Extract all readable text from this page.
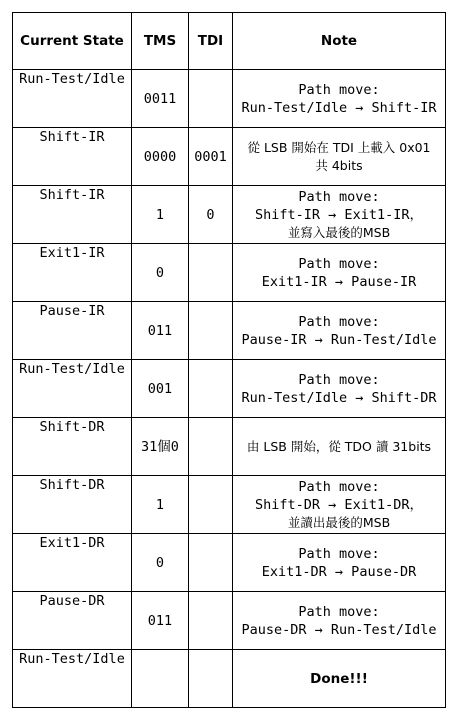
Current State	TMS	TDI	Note
Run-Test/Idle	0011		Path move:
Run-Test/Idle → Shift-IR

Shift-IR	0000	0001	從 LSB 開始在 TDI 上載入 0x01
共 4bits

Shift-IR	1	0	Path move:
Shift-IR → Exit1-IR，
並寫入最後的MSB

Exit1-IR	0		Path move:
Exit1-IR → Pause-IR

Pause-IR	011		Path move:
Pause-IR → Run-Test/Idle

Run-Test/Idle	001		Path move:
Run-Test/Idle → Shift-DR

Shift-DR	31個0		由 LSB 開始，從 TDO 讀 31bits

Shift-DR	1		Path move:
Shift-DR → Exit1-DR，
並讀出最後的MSB

Exit1-DR	0		Path move:
Exit1-DR → Pause-DR

Pause-DR	011		Path move:
Pause-DR → Run-Test/Idle

Run-Test/Idle			Done!!!
